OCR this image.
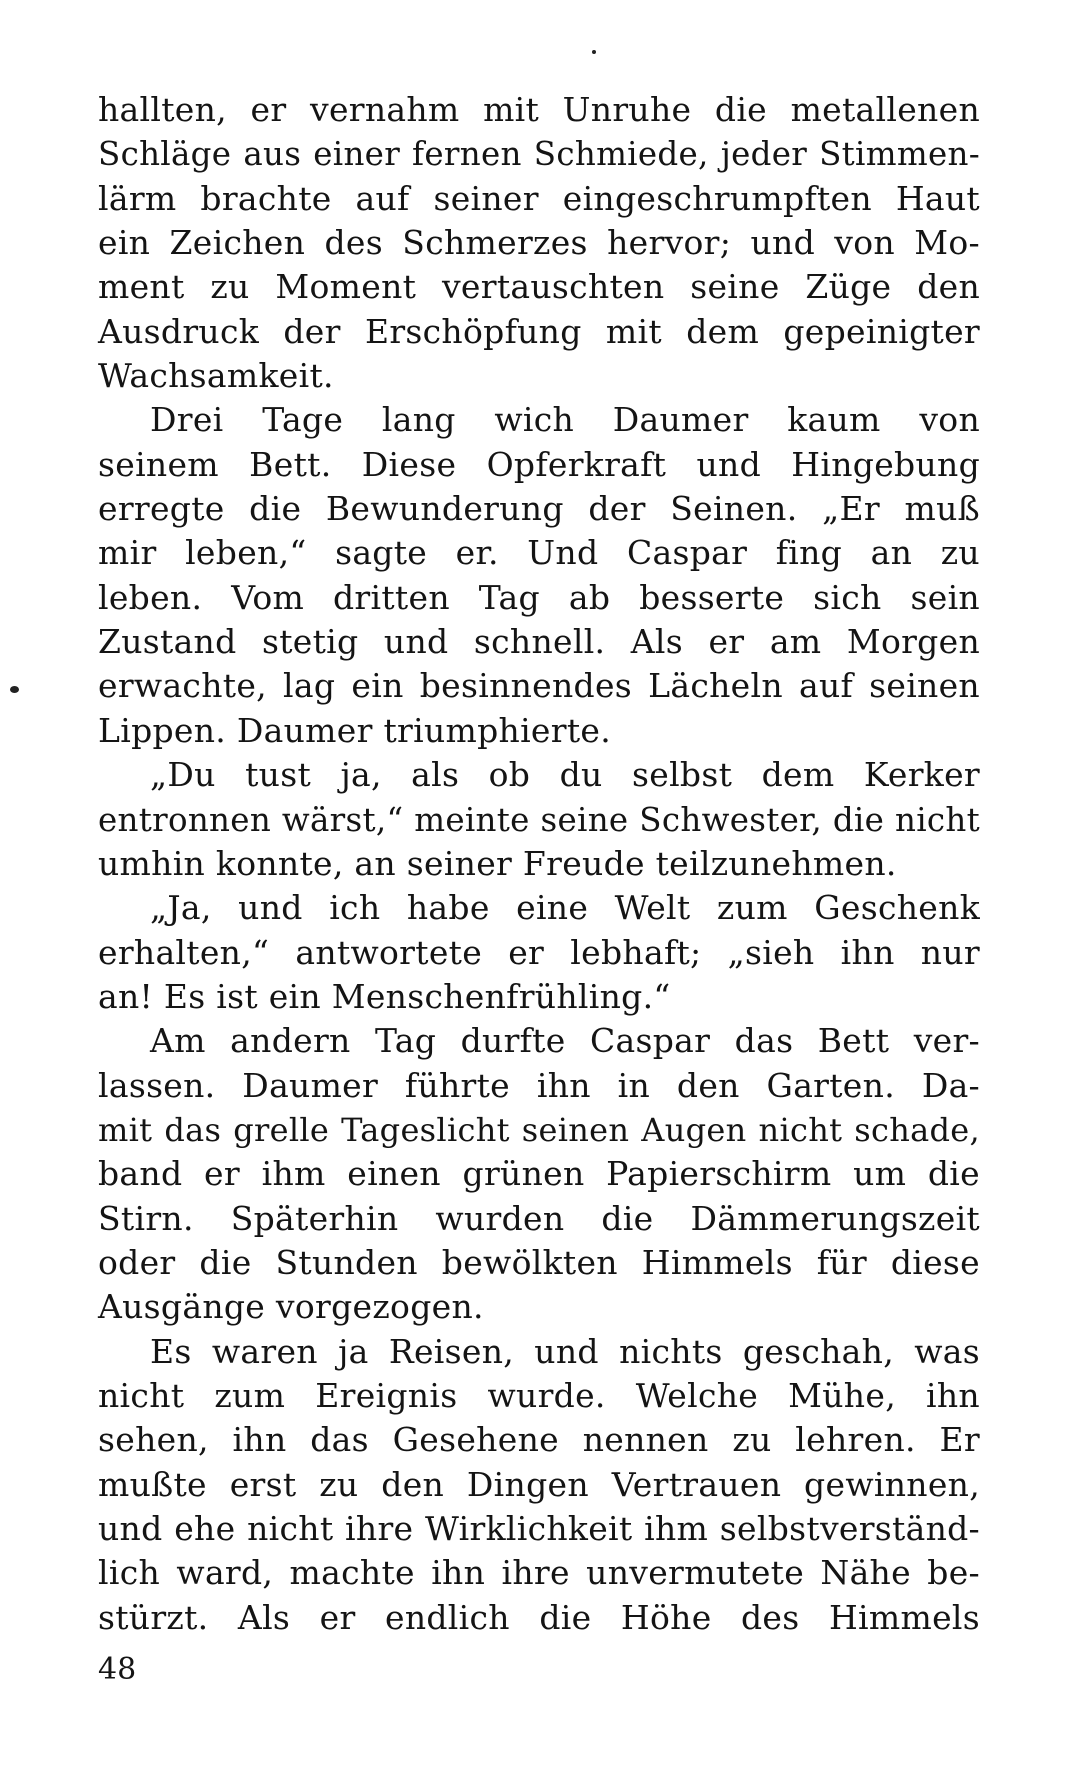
hallten, er vernahm mit Unruhe die metallenen
Schläge aus einer fernen Schmiede, jeder Stimmen-
lärm brachte auf seiner eingeschrumpften Haut
ein Zeichen des Schmerzes hervor; und von Mo-
ment zu Moment vertauschten seine Züge den
Ausdruck der Erschöpfung mit dem gepeinigter
Wachsamkeit.
Drei Tage lang wich Daumer kaum von
seinem Bett. Diese Opferkraft und Hingebung
erregte die Bewunderung der Seinen. „Er muß
mir leben,“ sagte er. Und Caspar fing an zu
leben. Vom dritten Tag ab besserte sich sein
Zustand stetig und schnell. Als er am Morgen
erwachte, lag ein besinnendes Lächeln auf seinen
Lippen. Daumer triumphierte.
„Du tust ja, als ob du selbst dem Kerker
entronnen wärst,“ meinte seine Schwester, die nicht
umhin konnte, an seiner Freude teilzunehmen.
„Ja, und ich habe eine Welt zum Geschenk
erhalten,“ antwortete er lebhaft; „sieh ihn nur
an! Es ist ein Menschenfrühling.“
Am andern Tag durfte Caspar das Bett ver-
lassen. Daumer führte ihn in den Garten. Da-
mit das grelle Tageslicht seinen Augen nicht schade,
band er ihm einen grünen Papierschirm um die
Stirn. Späterhin wurden die Dämmerungszeit
oder die Stunden bewölkten Himmels für diese
Ausgänge vorgezogen.
Es waren ja Reisen, und nichts geschah, was
nicht zum Ereignis wurde. Welche Mühe, ihn
sehen, ihn das Gesehene nennen zu lehren. Er
mußte erst zu den Dingen Vertrauen gewinnen,
und ehe nicht ihre Wirklichkeit ihm selbstverständ-
lich ward, machte ihn ihre unvermutete Nähe be-
stürzt. Als er endlich die Höhe des Himmels
48
